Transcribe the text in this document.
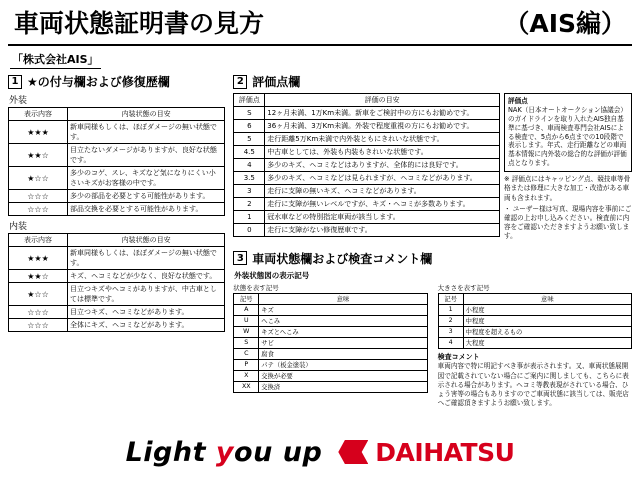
車両状態証明書の見方	（AIS編）
「株式会社AIS」
1 ★の付与欄および修復歴欄
外装
表示内容	内装状態の目安
★★★	新車同様もしくは、ほぼダメージの無い状態です。
★★☆	目立たないダメージがありますが、良好な状態です。
★☆☆	多少のコゲ、スレ、キズなど気になりにくい小さいキズがお客様の中です。
☆☆☆	多少の部品を必要とする可能性があります。
☆☆☆	部品交換を必要とする可能性があります。
内装
表示内容	内装状態の目安
★★★	新車同様もしくは、ほぼダメージの無い状態です。
★★☆	キズ、ヘコミなどが少なく、良好な状態です。
★☆☆	目立つキズやヘコミがありますが、中古車としては標準です。
☆☆☆	目立つキズ、ヘコミなどがあります。
☆☆☆	全体にキズ、ヘコミなどがあります。
2 評価点欄
評価点	評価の目安
S	12ヶ月未満、1万Km未満。新車をご検討中の方にもお勧めです。
6	36ヶ月未満、3万Km未満。外装で程度重視の方にもお勧めです。
5	走行距離5万Km未満で内外装ともにきれいな状態です。
4.5	中古車としては、外装も内装もきれいな状態です。
4	多少のキズ、ヘコミなどはありますが、全体的には良好です。
3.5	多少のキズ、ヘコミなどは見られますが、ヘコミなどがあります。
3	走行に支障の無いキズ、ヘコミなどがあります。
2	走行に支障が無いレベルですが、キズ・ヘコミが多数あります。
1	冠水車などの特別指定車両が該当します。
0	走行に支障がない修復歴車です。
評価点
NAK（日本オートオークション協議会）のガイドラインを取り入れたAIS独自基準に基づき、車両検査専門会社AISによる検査で、5点から6点までの10段階で表示します。年式、走行距離などの車両基本情報に内外装の総合的な評価が評価点となります。

※ 評価点にはキャッピング点、競技車等骨格または修理に大きな加工・改造がある車両も含まれます。

・ ユーザー様は写真、現場内容を事前にご確認の上お申し込みください。検査前に内容をご確認いただきますようお願い致します。

3 車両状態欄および検査コメント欄
外装状態図の表示記号
状態を表す記号
記号	意味
A	キズ
U	へこみ
W	キズとへこみ
S	サビ
C	腐食
P	パテ（板金塗装）
X	交換が必要
XX	交換済
大きさを表す記号
記号	意味
1	小程度
2	中程度
3	中程度を超えるもの
4	大程度
検査コメント
車両内容で特に明記すべき事が表示されます。又、車両状態展開図で記載されていない場合にご案内に関しましても、こちらに表示される場合があります。ヘコミ等教表現がされている場合、ひょう害等の場合もありますのでご車両状態に該当しては、販売店へご確認頂きますようお願い致します。
Light you up DAIHATSU
